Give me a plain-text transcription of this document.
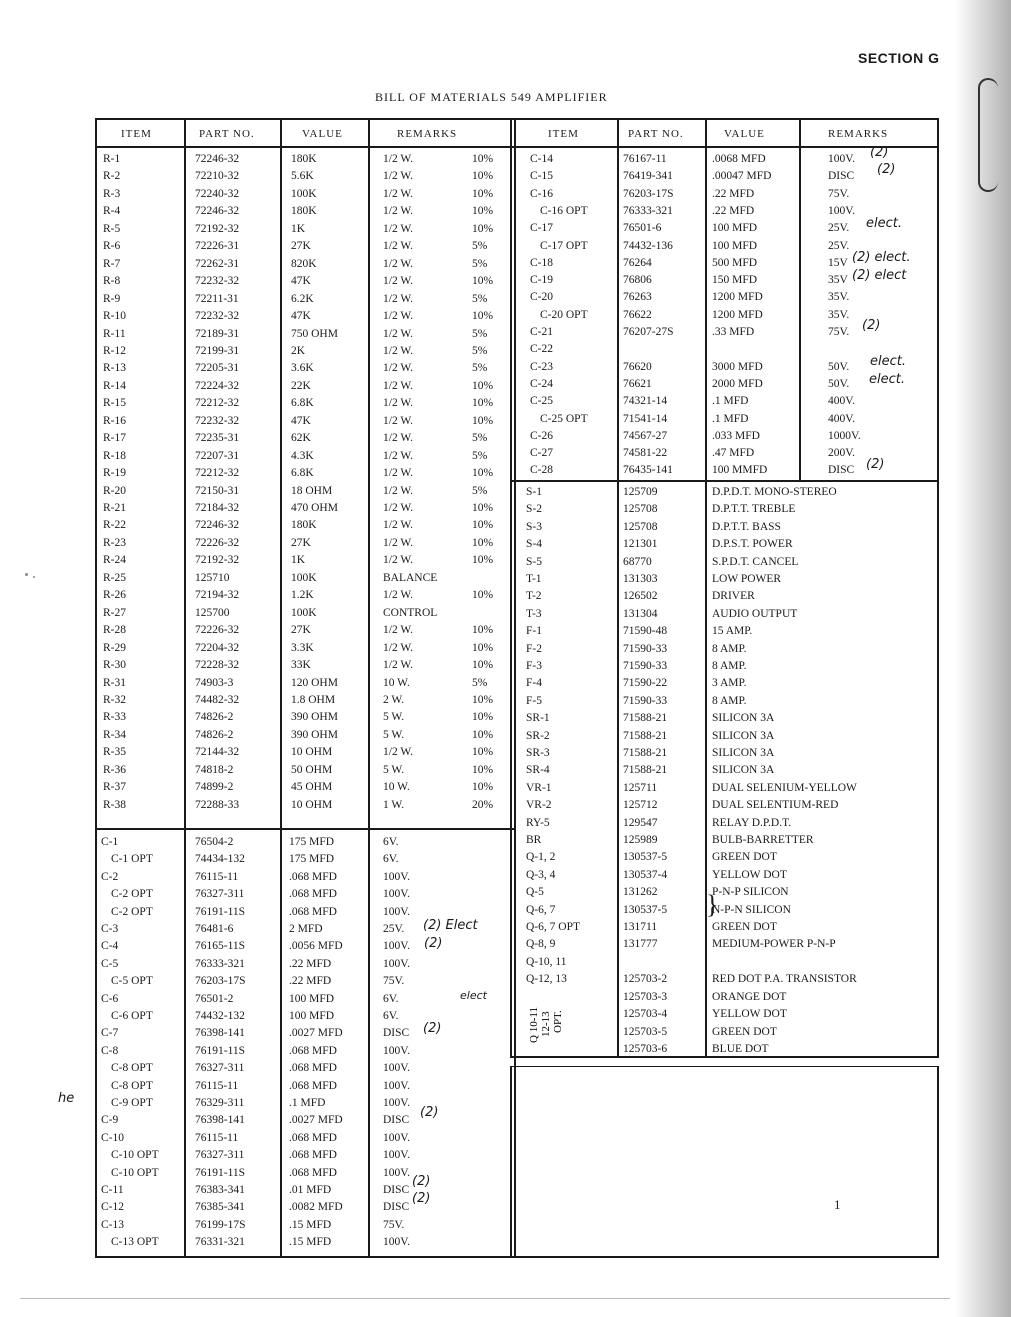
SECTION G
BILL OF MATERIALS 549 AMPLIFIER
ITEM	PART NO.	VALUE	REMARKS
R-1	72246-32	180K	1/2 W.	10%
R-2	72210-32	5.6K	1/2 W.	10%
R-3	72240-32	100K	1/2 W.	10%
R-4	72246-32	180K	1/2 W.	10%
R-5	72192-32	1K	1/2 W.	10%
R-6	72226-31	27K	1/2 W.	5%
R-7	72262-31	820K	1/2 W.	5%
R-8	72232-32	47K	1/2 W.	10%
R-9	72211-31	6.2K	1/2 W.	5%
R-10	72232-32	47K	1/2 W.	10%
R-11	72189-31	750 OHM	1/2 W.	5%
R-12	72199-31	2K	1/2 W.	5%
R-13	72205-31	3.6K	1/2 W.	5%
R-14	72224-32	22K	1/2 W.	10%
R-15	72212-32	6.8K	1/2 W.	10%
R-16	72232-32	47K	1/2 W.	10%
R-17	72235-31	62K	1/2 W.	5%
R-18	72207-31	4.3K	1/2 W.	5%
R-19	72212-32	6.8K	1/2 W.	10%
R-20	72150-31	18 OHM	1/2 W.	5%
R-21	72184-32	470 OHM	1/2 W.	10%
R-22	72246-32	180K	1/2 W.	10%
R-23	72226-32	27K	1/2 W.	10%
R-24	72192-32	1K	1/2 W.	10%
R-25	125710	100K	BALANCE
R-26	72194-32	1.2K	1/2 W.	10%
R-27	125700	100K	CONTROL
R-28	72226-32	27K	1/2 W.	10%
R-29	72204-32	3.3K	1/2 W.	10%
R-30	72228-32	33K	1/2 W.	10%
R-31	74903-3	120 OHM	10 W.	5%
R-32	74482-32	1.8 OHM	2 W.	10%
R-33	74826-2	390 OHM	5 W.	10%
R-34	74826-2	390 OHM	5 W.	10%
R-35	72144-32	10 OHM	1/2 W.	10%
R-36	74818-2	50 OHM	5 W.	10%
R-37	74899-2	45 OHM	10 W.	10%
R-38	72288-33	10 OHM	1 W.	20%
C-1	76504-2	175 MFD	6V.
C-1 OPT	74434-132	175 MFD	6V.
C-2	76115-11	.068 MFD	100V.
C-2 OPT	76327-311	.068 MFD	100V.
C-2 OPT	76191-11S	.068 MFD	100V.
C-3	76481-6	2 MFD	25V.
C-4	76165-11S	.0056 MFD	100V.
C-5	76333-321	.22 MFD	100V.
C-5 OPT	76203-17S	.22 MFD	75V.
C-6	76501-2	100 MFD	6V.
C-6 OPT	74432-132	100 MFD	6V.
C-7	76398-141	.0027 MFD	DISC
C-8	76191-11S	.068 MFD	100V.
C-8 OPT	76327-311	.068 MFD	100V.
C-8 OPT	76115-11	.068 MFD	100V.
C-9 OPT	76329-311	.1 MFD	100V.
C-9	76398-141	.0027 MFD	DISC
C-10	76115-11	.068 MFD	100V.
C-10 OPT	76327-311	.068 MFD	100V.
C-10 OPT	76191-11S	.068 MFD	100V.
C-11	76383-341	.01 MFD	DISC
C-12	76385-341	.0082 MFD	DISC
C-13	76199-17S	.15 MFD	75V.
C-13 OPT	76331-321	.15 MFD	100V.
ITEM	PART NO.	VALUE	REMARKS
C-14	76167-11	.0068 MFD	100V.
C-15	76419-341	.00047 MFD	DISC
C-16	76203-17S	.22 MFD	75V.
C-16 OPT	76333-321	.22 MFD	100V.
C-17	76501-6	100 MFD	25V.
C-17 OPT	74432-136	100 MFD	25V.
C-18	76264	500 MFD	15V
C-19	76806	150 MFD	35V
C-20	76263	1200 MFD	35V.
C-20 OPT	76622	1200 MFD	35V.
C-21	76207-27S	.33 MFD	75V.
C-22
C-23	76620	3000 MFD	50V.
C-24	76621	2000 MFD	50V.
C-25	74321-14	.1 MFD	400V.
C-25 OPT	71541-14	.1 MFD	400V.
C-26	74567-27	.033 MFD	1000V.
C-27	74581-22	.47 MFD	200V.
C-28	76435-141	100 MMFD	DISC
S-1	125709	D.P.D.T. MONO-STEREO
S-2	125708	D.P.T.T. TREBLE
S-3	125708	D.P.T.T. BASS
S-4	121301	D.P.S.T. POWER
S-5	68770	S.P.D.T. CANCEL
T-1	131303	LOW POWER
T-2	126502	DRIVER
T-3	131304	AUDIO OUTPUT
F-1	71590-48	15 AMP.
F-2	71590-33	8 AMP.
F-3	71590-33	8 AMP.
F-4	71590-22	3 AMP.
F-5	71590-33	8 AMP.
SR-1	71588-21	SILICON 3A
SR-2	71588-21	SILICON 3A
SR-3	71588-21	SILICON 3A
SR-4	71588-21	SILICON 3A
VR-1	125711	DUAL SELENIUM-YELLOW
VR-2	125712	DUAL SELENTIUM-RED
RY-5	129547	RELAY D.P.D.T.
BR	125989	BULB-BARRETTER
Q-1, 2	130537-5	GREEN DOT
Q-3, 4	130537-4	YELLOW DOT
Q-5	131262	P-N-P SILICON
Q-6, 7	130537-5	N-P-N SILICON
Q-6, 7 OPT	131711	GREEN DOT
Q-8, 9	131777	MEDIUM-POWER P-N-P
Q-10, 11
Q-12, 13	125703-2	RED DOT P.A. TRANSISTOR
125703-3	ORANGE DOT
125703-4	YELLOW DOT
125703-5	GREEN DOT
125703-6	BLUE DOT
Q 10-11 12-13 OPT.
}
(2)
(2)
elect.
(2) elect.
(2) elect
(2)
elect.
elect.
(2)
(2) Elect
(2)
elect
(2)
(2)
(2)
(2)
he
1
